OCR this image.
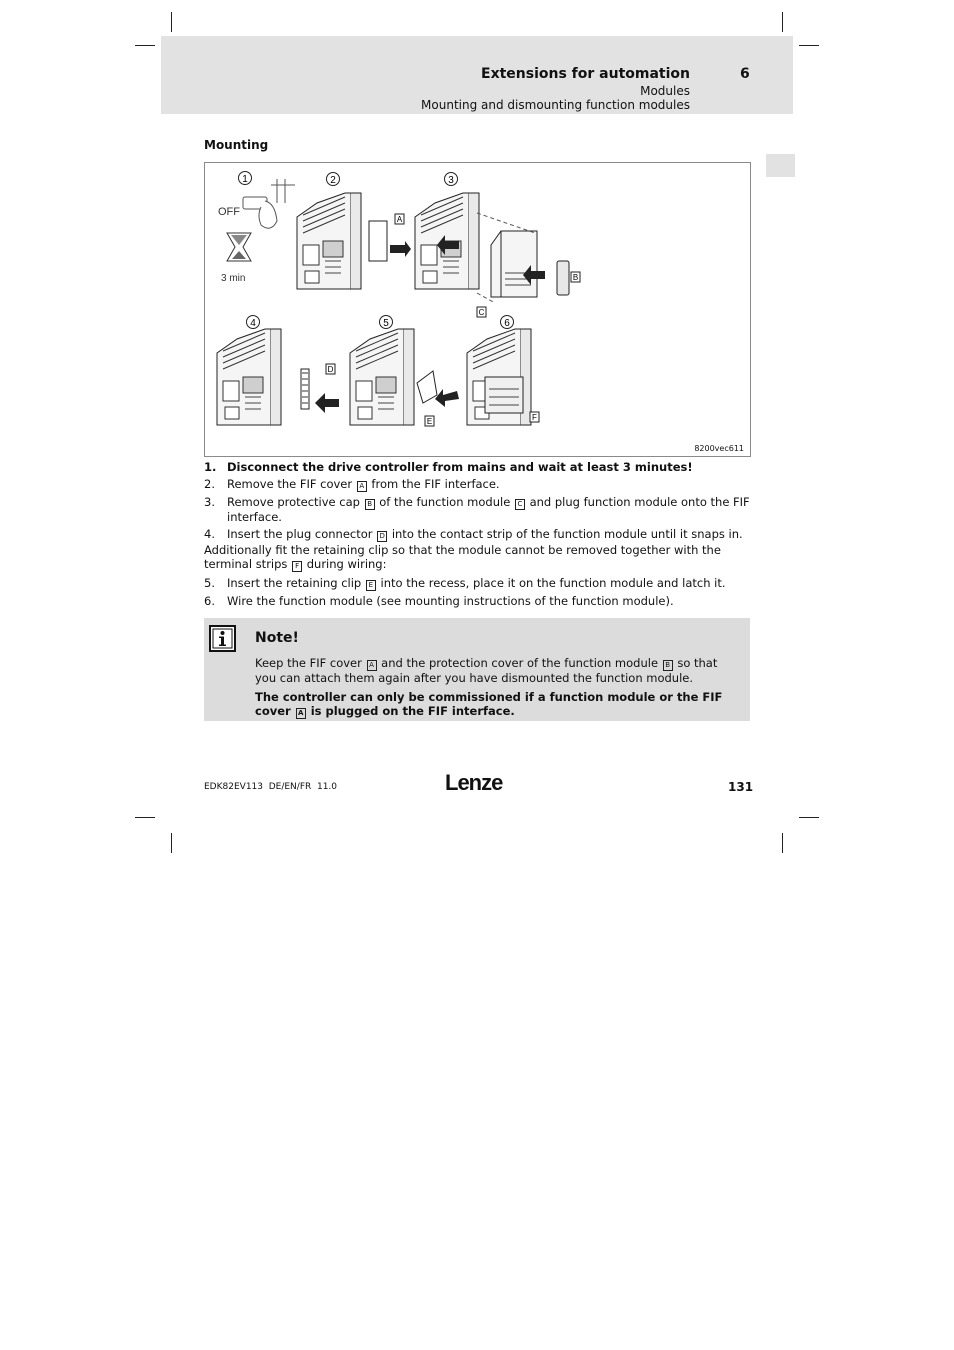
Extensions for automation	6
Modules
Mounting and dismounting function modules
Mounting
1
OFF
3 min
2
A
3
B
C
4
D
5
E
6
F
8200vec611
1. Disconnect the drive controller from mains and wait at least 3 minutes!
2. Remove the FIF cover A from the FIF interface.
3. Remove protective cap B of the function module C and plug function module onto the FIF interface.
4. Insert the plug connector D into the contact strip of the function module until it snaps in.
Additionally fit the retaining clip so that the module cannot be removed together with the terminal strips F during wiring:
5. Insert the retaining clip E into the recess, place it on the function module and latch it.
6. Wire the function module (see mounting instructions of the function module).
Note!

Keep the FIF cover A and the protection cover of the function module B so that you can attach them again after you have dismounted the function module.

The controller can only be commissioned if a function module or the FIF cover A is plugged on the FIF interface.

EDK82EV113  DE/EN/FR  11.0	Lenze	131
